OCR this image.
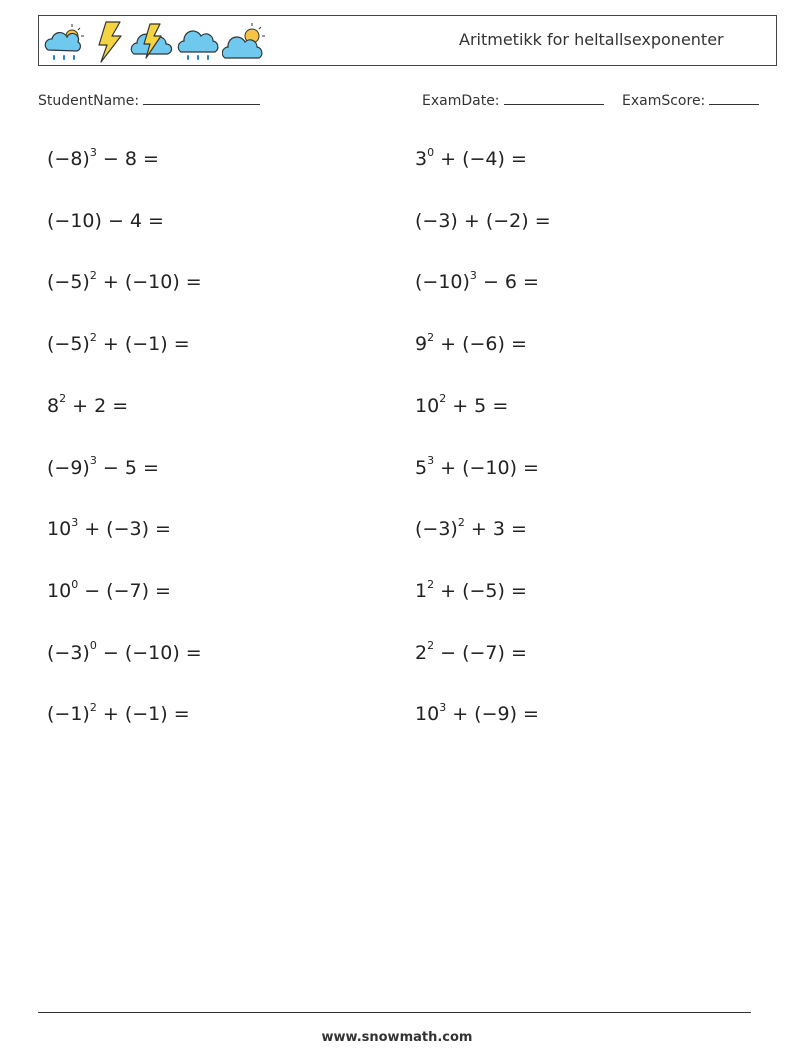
Aritmetikk for heltallsexponenter
StudentName:	ExamDate:	ExamScore:
$(-8)^3 - 8$ =	$3^0 + (-4)$ =
(−10) − 4 =	(−3) + (−2) =
$(-5)^2 + (-10)$ =	$(-10)^3 - 6$ =
$(-5)^2 + (-1)$ =	$9^2 + (-6)$ =
$8^2 + 2$ =	$10^2 + 5$ =
$(-9)^3 - 5$ =	$5^3 + (-10)$ =
$10^3 + (-3)$ =	$(-3)^2 + 3$ =
$10^0 - (-7)$ =	$1^2 + (-5)$ =
$(-3)^0 - (-10)$ =	$2^2 - (-7)$ =
$(-1)^2 + (-1)$ =	$10^3 + (-9)$ =
www.snowmath.com
